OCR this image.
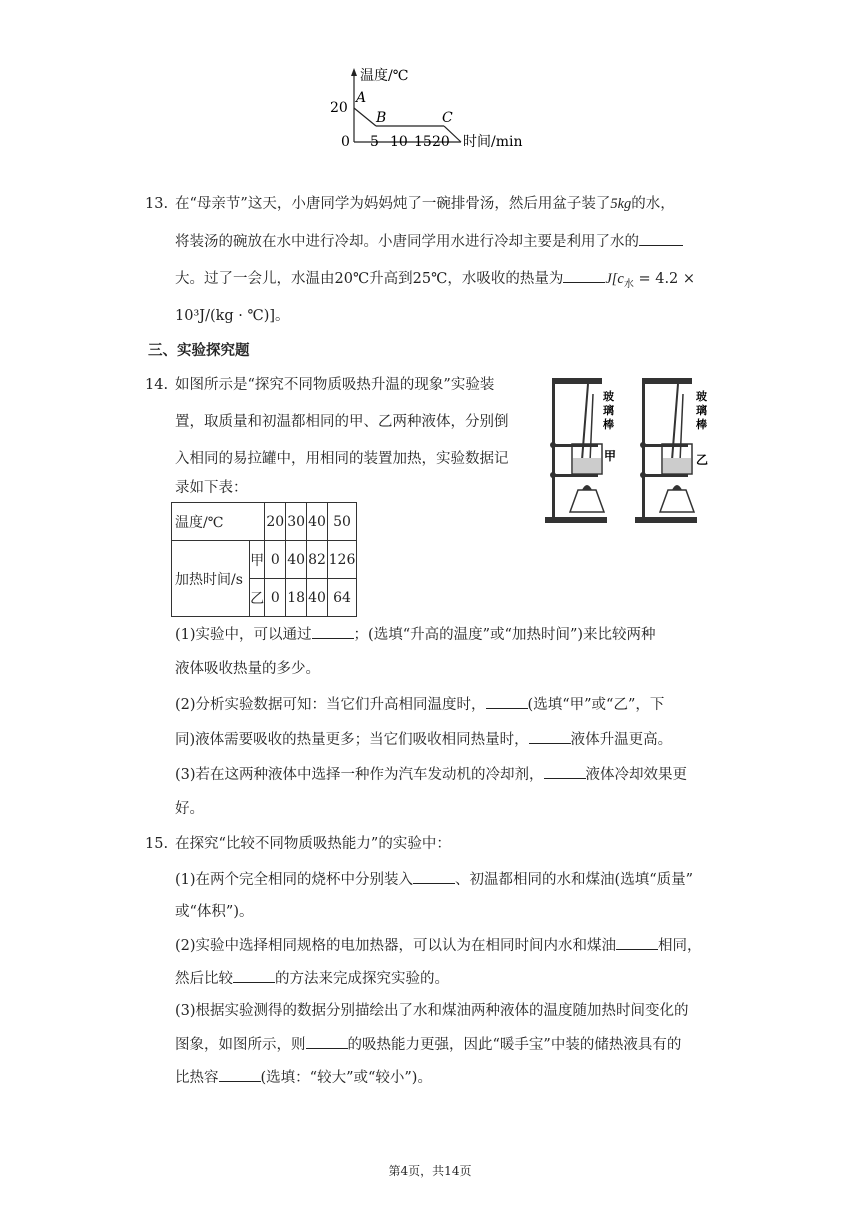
温度/℃
20
0
A
B	C
5 10 15 20 时间/min
13. 在“母亲节”这天，小唐同学为妈妈炖了一碗排骨汤，然后用盆子装了5kg的水，
将装汤的碗放在水中进行冷却。小唐同学用水进行冷却主要是利用了水的
大。过了一会儿，水温由20℃升高到25℃，水吸收的热量为	$J[c_水 = 4.2$ ×
10³J/(kg · ℃)]。
三、实验探究题
14. 如图所示是“探究不同物质吸热升温的现象”实验装
置，取质量和初温都相同的甲、乙两种液体，分别倒
入相同的易拉罐中，用相同的装置加热，实验数据记
录如下表：
玻
璃
棒
甲
玻
璃
棒
乙
温度/℃		20	30	40	50
加热时间/s	甲	0	40	82	126
	乙	0	18	40	64
(1)实验中，可以通过	；(选填“升高的温度”或“加热时间”)来比较两种
液体吸收热量的多少。
(2)分析实验数据可知：当它们升高相同温度时，	(选填“甲”或“乙”，下
同)液体需要吸收的热量更多；当它们吸收相同热量时，	液体升温更高。
(3)若在这两种液体中选择一种作为汽车发动机的冷却剂，	液体冷却效果更
好。
15. 在探究“比较不同物质吸热能力”的实验中：
(1)在两个完全相同的烧杯中分别装入	、初温都相同的水和煤油(选填“质量”
或“体积”)。
(2)实验中选择相同规格的电加热器，可以认为在相同时间内水和煤油	相同，
然后比较	的方法来完成探究实验的。
(3)根据实验测得的数据分别描绘出了水和煤油两种液体的温度随加热时间变化的
图象，如图所示，则	的吸热能力更强，因此“暖手宝”中装的储热液具有的
比热容	(选填：“较大”或“较小”)。
第4页，共14页
